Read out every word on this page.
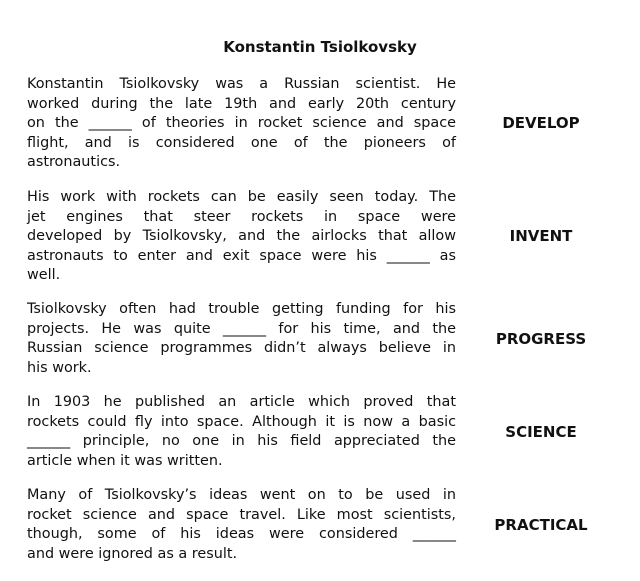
Konstantin Tsiolkovsky
Konstantin Tsiolkovsky was a Russian scientist. He
worked during the late 19th and early 20th century
on the ______ of theories in rocket science and space
flight, and is considered one of the pioneers of
astronautics.
DEVELOP
His work with rockets can be easily seen today. The
jet engines that steer rockets in space were
developed by Tsiolkovsky, and the airlocks that allow
astronauts to enter and exit space were his ______ as
well.
INVENT
Tsiolkovsky often had trouble getting funding for his
projects. He was quite ______ for his time, and the
Russian science programmes didn’t always believe in
his work.
PROGRESS
In 1903 he published an article which proved that
rockets could fly into space. Although it is now a basic
______ principle, no one in his field appreciated the
article when it was written.
SCIENCE
Many of Tsiolkovsky’s ideas went on to be used in
rocket science and space travel. Like most scientists,
though, some of his ideas were considered ______
and were ignored as a result.
PRACTICAL
